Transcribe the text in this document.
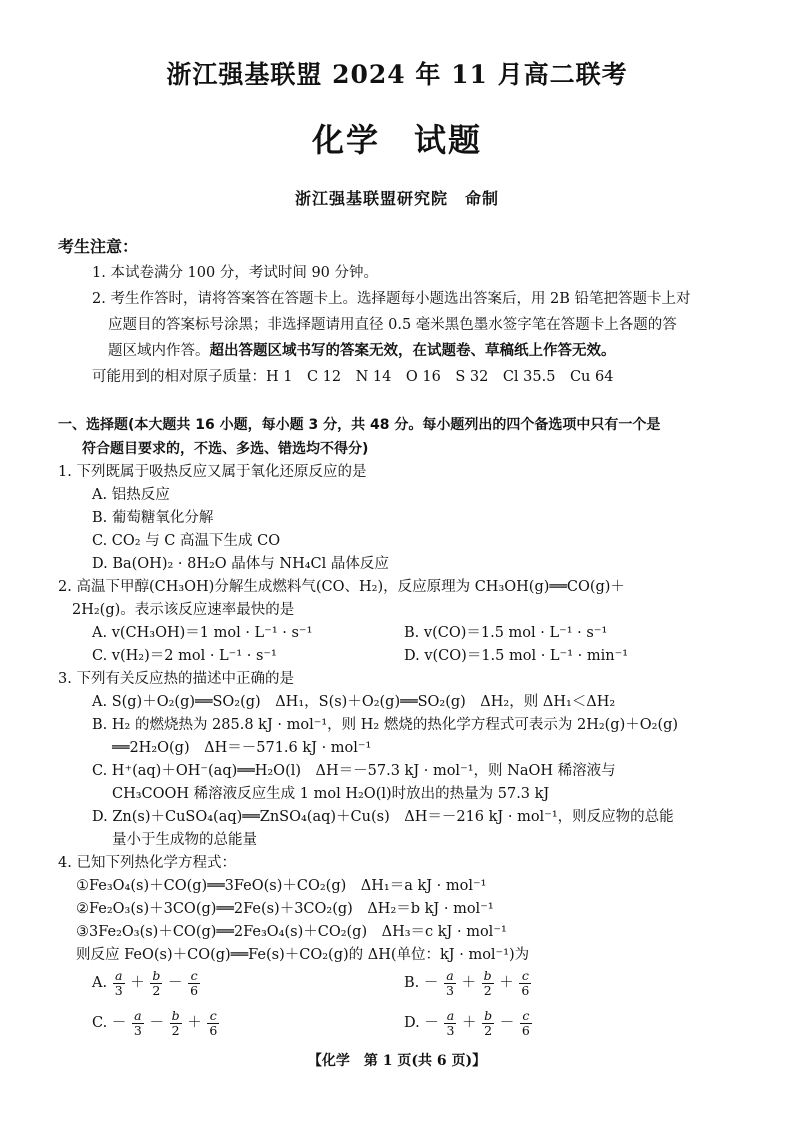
浙江强基联盟 2024 年 11 月高二联考
化学　试题
浙江强基联盟研究院　命制
考生注意：
1. 本试卷满分 100 分，考试时间 90 分钟。
2. 考生作答时，请将答案答在答题卡上。选择题每小题选出答案后，用 2B 铅笔把答题卡上对
应题目的答案标号涂黑；非选择题请用直径 0.5 毫米黑色墨水签字笔在答题卡上各题的答
题区域内作答。超出答题区域书写的答案无效，在试题卷、草稿纸上作答无效。
可能用到的相对原子质量：H 1　C 12　N 14　O 16　S 32　Cl 35.5　Cu 64
一、选择题(本大题共 16 小题，每小题 3 分，共 48 分。每小题列出的四个备选项中只有一个是
符合题目要求的，不选、多选、错选均不得分)
1. 下列既属于吸热反应又属于氧化还原反应的是
A. 铝热反应
B. 葡萄糖氧化分解
C. CO₂ 与 C 高温下生成 CO
D. Ba(OH)₂ · 8H₂O 晶体与 NH₄Cl 晶体反应
2. 高温下甲醇(CH₃OH)分解生成燃料气(CO、H₂)，反应原理为 CH₃OH(g)══CO(g)＋
2H₂(g)。表示该反应速率最快的是
A. v(CH₃OH)＝1 mol · L⁻¹ · s⁻¹	B. v(CO)＝1.5 mol · L⁻¹ · s⁻¹
C. v(H₂)＝2 mol · L⁻¹ · s⁻¹	D. v(CO)＝1.5 mol · L⁻¹ · min⁻¹
3. 下列有关反应热的描述中正确的是
A. S(g)＋O₂(g)══SO₂(g)　ΔH₁，S(s)＋O₂(g)══SO₂(g)　ΔH₂，则 ΔH₁＜ΔH₂
B. H₂ 的燃烧热为 285.8 kJ · mol⁻¹，则 H₂ 燃烧的热化学方程式可表示为 2H₂(g)＋O₂(g)
══2H₂O(g)　ΔH＝－571.6 kJ · mol⁻¹
C. H⁺(aq)＋OH⁻(aq)══H₂O(l)　ΔH＝－57.3 kJ · mol⁻¹，则 NaOH 稀溶液与
CH₃COOH 稀溶液反应生成 1 mol H₂O(l)时放出的热量为 57.3 kJ
D. Zn(s)＋CuSO₄(aq)══ZnSO₄(aq)＋Cu(s)　ΔH＝－216 kJ · mol⁻¹，则反应物的总能
量小于生成物的总能量
4. 已知下列热化学方程式：
①Fe₃O₄(s)＋CO(g)══3FeO(s)＋CO₂(g)　ΔH₁＝a kJ · mol⁻¹
②Fe₂O₃(s)＋3CO(g)══2Fe(s)＋3CO₂(g)　ΔH₂＝b kJ · mol⁻¹
③3Fe₂O₃(s)＋CO(g)══2Fe₃O₄(s)＋CO₂(g)　ΔH₃＝c kJ · mol⁻¹
则反应 FeO(s)＋CO(g)══Fe(s)＋CO₂(g)的 ΔH(单位：kJ · mol⁻¹)为
A. $\frac{a}{3} + \frac{b}{2} - \frac{c}{6}$	B. － $\frac{a}{3} + \frac{b}{2} + \frac{c}{6}$
C. － $\frac{a}{3} - \frac{b}{2} + \frac{c}{6}$	D. － $\frac{a}{3} + \frac{b}{2} - \frac{c}{6}$
【化学　第 1 页(共 6 页)】
